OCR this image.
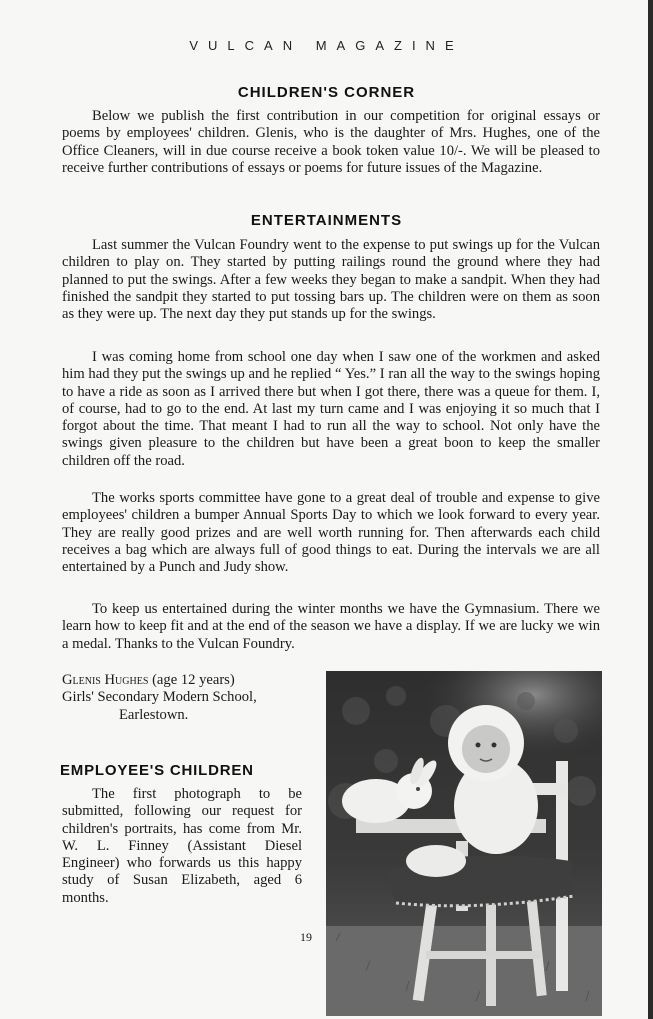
VULCAN MAGAZINE
CHILDREN'S CORNER

Below we publish the first contribution in our competition for original essays or poems by employees' children. Glenis, who is the daughter of Mrs. Hughes, one of the Office Cleaners, will in due course receive a book token value 10/-. We will be pleased to receive further contributions of essays or poems for future issues of the Magazine.

ENTERTAINMENTS

Last summer the Vulcan Foundry went to the expense to put swings up for the Vulcan children to play on. They started by putting railings round the ground where they had planned to put the swings. After a few weeks they began to make a sandpit. When they had finished the sandpit they started to put tossing bars up. The children were on them as soon as they were up. The next day they put stands up for the swings.

I was coming home from school one day when I saw one of the workmen and asked him had they put the swings up and he replied “ Yes.” I ran all the way to the swings hoping to have a ride as soon as I arrived there but when I got there, there was a queue for them. I, of course, had to go to the end. At last my turn came and I was enjoying it so much that I forgot about the time. That meant I had to run all the way to school. Not only have the swings given pleasure to the children but have been a great boon to keep the smaller children off the road.

The works sports committee have gone to a great deal of trouble and expense to give employees' children a bumper Annual Sports Day to which we look forward to every year. They are really good prizes and are well worth running for. Then afterwards each child receives a bag which are always full of good things to eat. During the intervals we are all entertained by a Punch and Judy show.

To keep us entertained during the winter months we have the Gymnasium. There we learn how to keep fit and at the end of the season we have a display. If we are lucky we win a medal. Thanks to the Vulcan Foundry.

Glenis Hughes (age 12 years)
Girls' Secondary Modern School,
Earlestown.
EMPLOYEE'S CHILDREN

The first photograph to be submitted, following our request for children's portraits, has come from Mr. W. L. Finney (Assistant Diesel Engineer) who forwards us this happy study of Susan Elizabeth, aged 6 months.

19
